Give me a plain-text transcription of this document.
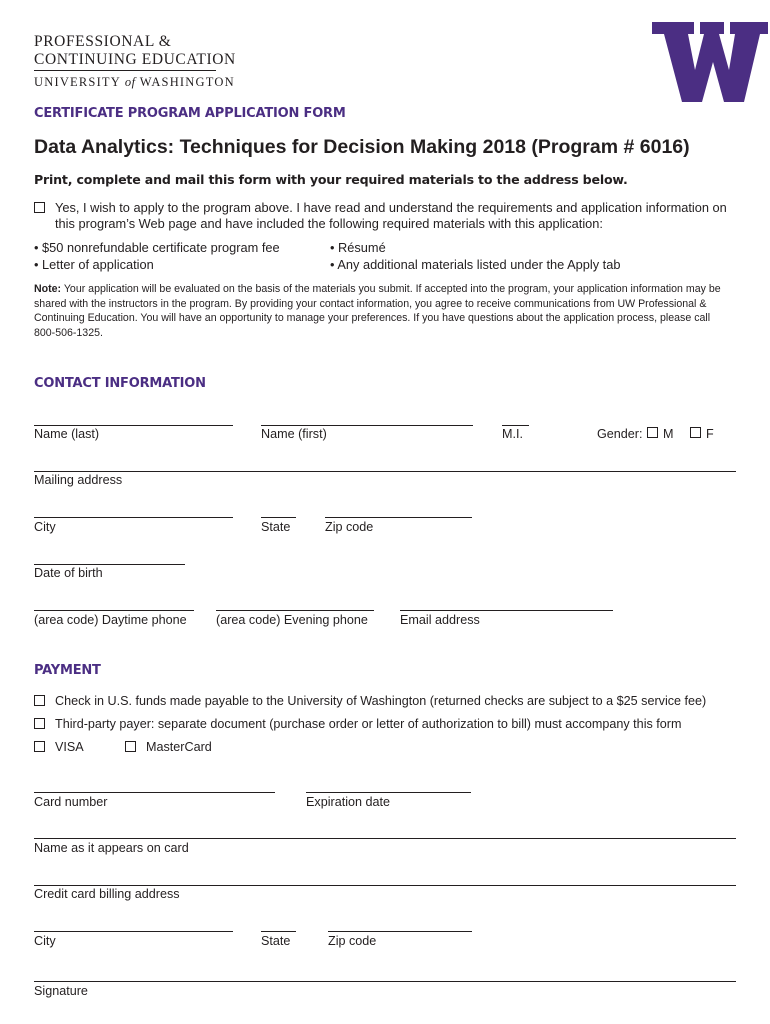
PROFESSIONAL &
CONTINUING EDUCATION
UNIVERSITY of WASHINGTON
CERTIFICATE PROGRAM APPLICATION FORM
Data Analytics: Techniques for Decision Making 2018 (Program # 6016)
Print, complete and mail this form with your required materials to the address below.
Yes, I wish to apply to the program above. I have read and understand the requirements and application information on this program’s Web page and have included the following required materials with this application:
• $50 nonrefundable certificate program fee
• Letter of application
• Résumé
• Any additional materials listed under the Apply tab
Note: Your application will be evaluated on the basis of the materials you submit. If accepted into the program, your application information may be shared with the instructors in the program. By providing your contact information, you agree to receive communications from UW Professional & Continuing Education. You will have an opportunity to manage your preferences. If you have questions about the application process, please call 800-506-1325.
CONTACT INFORMATION
Name (last)	Name (first)	M.I.	Gender: M	F
Mailing address
City	State	Zip code
Date of birth
(area code) Daytime phone (area code) Evening phone	Email address
PAYMENT
Check in U.S. funds made payable to the University of Washington (returned checks are subject to a $25 service fee)
Third-party payer: separate document (purchase order or letter of authorization to bill) must accompany this form
VISA	MasterCard
Card number	Expiration date
Name as it appears on card
Credit card billing address
City	State	Zip code
Signature
